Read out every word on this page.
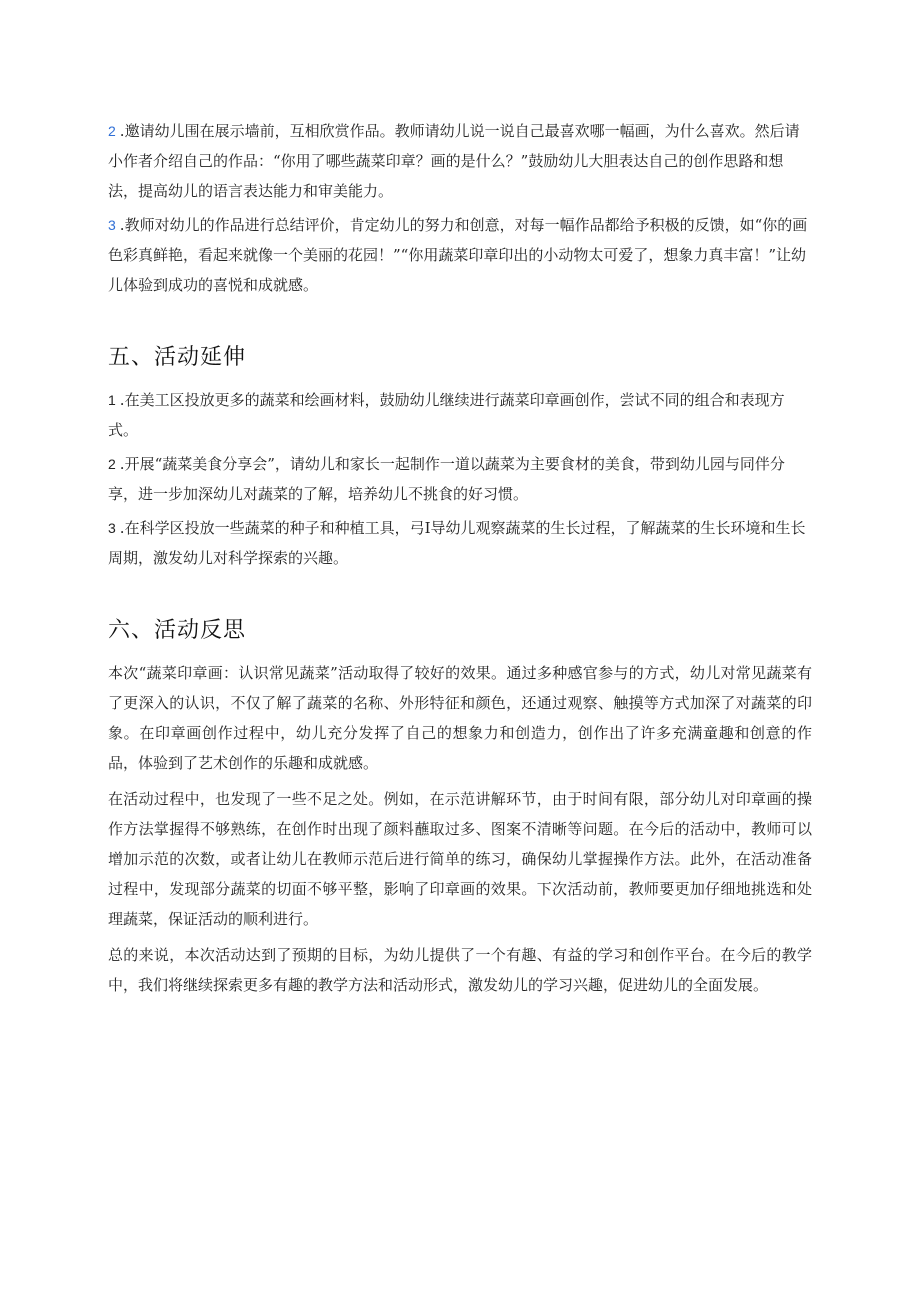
2 .邀请幼儿围在展示墙前，互相欣赏作品。教师请幼儿说一说自己最喜欢哪一幅画，为什么喜欢。然后请小作者介绍自己的作品：“你用了哪些蔬菜印章？画的是什么？”鼓励幼儿大胆表达自己的创作思路和想法，提高幼儿的语言表达能力和审美能力。
3 .教师对幼儿的作品进行总结评价，肯定幼儿的努力和创意，对每一幅作品都给予积极的反馈，如“你的画色彩真鲜艳，看起来就像一个美丽的花园！”“你用蔬菜印章印出的小动物太可爱了，想象力真丰富！”让幼儿体验到成功的喜悦和成就感。
五、活动延伸
1 .在美工区投放更多的蔬菜和绘画材料，鼓励幼儿继续进行蔬菜印章画创作，尝试不同的组合和表现方式。
2 .开展“蔬菜美食分享会”，请幼儿和家长一起制作一道以蔬菜为主要食材的美食，带到幼儿园与同伴分享，进一步加深幼儿对蔬菜的了解，培养幼儿不挑食的好习惯。
3 .在科学区投放一些蔬菜的种子和种植工具，弓I导幼儿观察蔬菜的生长过程，了解蔬菜的生长环境和生长周期，激发幼儿对科学探索的兴趣。
六、活动反思

本次“蔬菜印章画：认识常见蔬菜”活动取得了较好的效果。通过多种感官参与的方式，幼儿对常见蔬菜有了更深入的认识，不仅了解了蔬菜的名称、外形特征和颜色，还通过观察、触摸等方式加深了对蔬菜的印象。在印章画创作过程中，幼儿充分发挥了自己的想象力和创造力，创作出了许多充满童趣和创意的作品，体验到了艺术创作的乐趣和成就感。

在活动过程中，也发现了一些不足之处。例如，在示范讲解环节，由于时间有限，部分幼儿对印章画的操作方法掌握得不够熟练，在创作时出现了颜料蘸取过多、图案不清晰等问题。在今后的活动中，教师可以增加示范的次数，或者让幼儿在教师示范后进行简单的练习，确保幼儿掌握操作方法。此外，在活动准备过程中，发现部分蔬菜的切面不够平整，影响了印章画的效果。下次活动前，教师要更加仔细地挑选和处理蔬菜，保证活动的顺利进行。

总的来说，本次活动达到了预期的目标，为幼儿提供了一个有趣、有益的学习和创作平台。在今后的教学中，我们将继续探索更多有趣的教学方法和活动形式，激发幼儿的学习兴趣，促进幼儿的全面发展。
